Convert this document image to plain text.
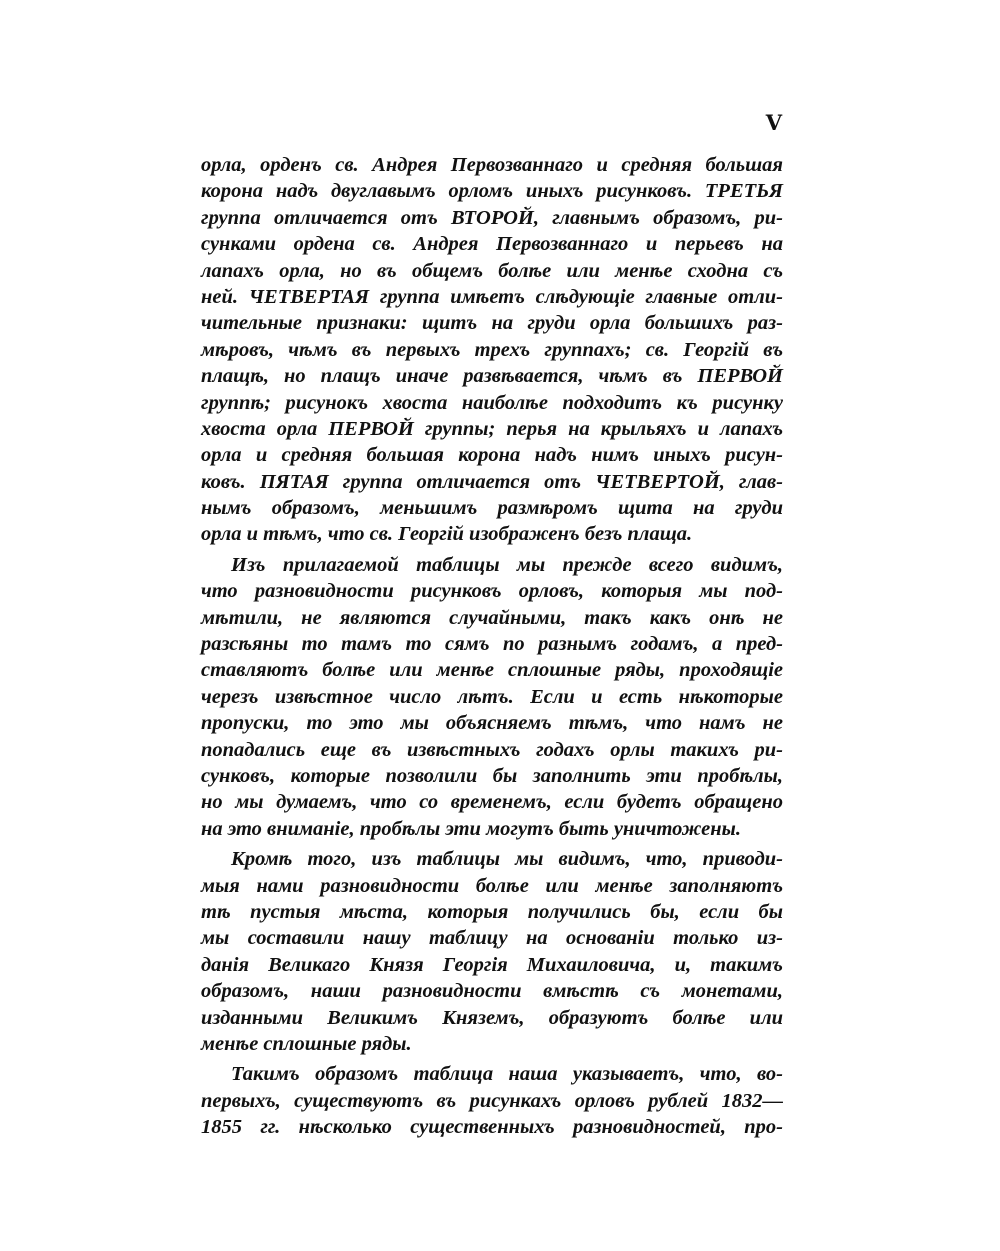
V
орла, орденъ св. Андрея Первозваннаго и средняя большая
корона надъ двуглавымъ орломъ иныхъ рисунковъ. ТРЕТЬЯ
группа отличается отъ ВТОРОЙ, главнымъ образомъ, ри-
сунками ордена св. Андрея Первозваннаго и перьевъ на
лапахъ орла, но въ общемъ болѣе или менѣе сходна съ
ней. ЧЕТВЕРТАЯ группа имѣетъ слѣдующіе главные отли-
чительные признаки: щитъ на груди орла большихъ раз-
мѣровъ, чѣмъ въ первыхъ трехъ группахъ; св. Георгій въ
плащѣ, но плащъ иначе развѣвается, чѣмъ въ ПЕРВОЙ
группѣ; рисунокъ хвоста наиболѣе подходитъ къ рисунку
хвоста орла ПЕРВОЙ группы; перья на крыльяхъ и лапахъ
орла и средняя большая корона надъ нимъ иныхъ рисун-
ковъ. ПЯТАЯ группа отличается отъ ЧЕТВЕРТОЙ, глав-
нымъ образомъ, меньшимъ размѣромъ щита на груди
орла и тѣмъ, что св. Георгій изображенъ безъ плаща.
Изъ прилагаемой таблицы мы прежде всего видимъ,
что разновидности рисунковъ орловъ, которыя мы под-
мѣтили, не являются случайными, такъ какъ онѣ не
разсѣяны то тамъ то сямъ по разнымъ годамъ, а пред-
ставляютъ болѣе или менѣе сплошные ряды, проходящіе
черезъ извѣстное число лѣтъ. Если и есть нѣкоторые
пропуски, то это мы объясняемъ тѣмъ, что намъ не
попадались еще въ извѣстныхъ годахъ орлы такихъ ри-
сунковъ, которые позволили бы заполнить эти пробѣлы,
но мы думаемъ, что со временемъ, если будетъ обращено
на это вниманіе, пробѣлы эти могутъ быть уничтожены.
Кромѣ того, изъ таблицы мы видимъ, что, приводи-
мыя нами разновидности болѣе или менѣе заполняютъ
тѣ пустыя мѣста, которыя получились бы, если бы
мы составили нашу таблицу на основаніи только из-
данія Великаго Князя Георгія Михаиловича, и, такимъ
образомъ, наши разновидности вмѣстѣ съ монетами,
изданными Великимъ Княземъ, образуютъ болѣе или
менѣе сплошные ряды.
Такимъ образомъ таблица наша указываетъ, что, во-
первыхъ, существуютъ въ рисункахъ орловъ рублей 1832—
1855 гг. нѣсколько существенныхъ разновидностей, про-
